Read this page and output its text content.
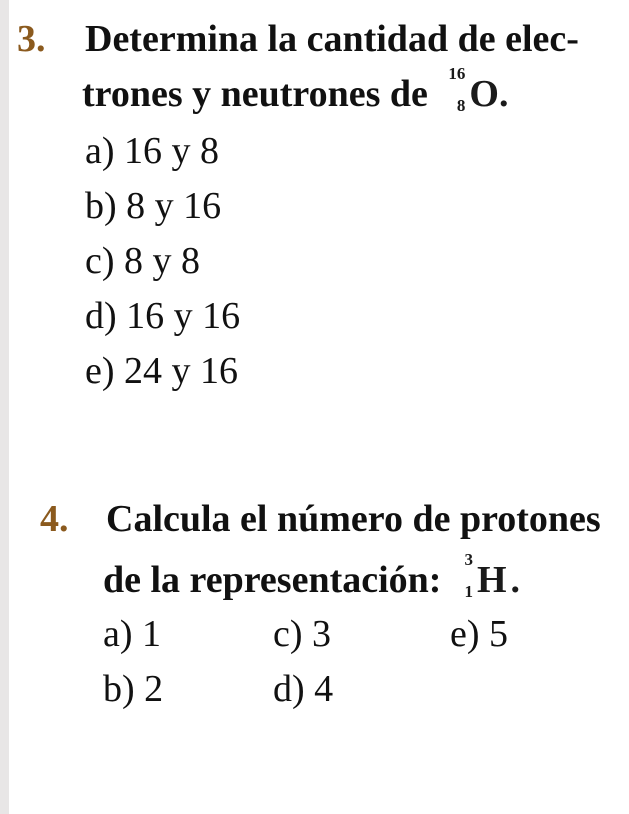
3. Determina la cantidad de elec-
trones y neutrones de 16
8 O.
a) 16 y 8
b) 8 y 16
c) 8 y 8
d) 16 y 16
e) 24 y 16
4. Calcula el número de protones
de la representación: 3
1 H .
a) 1	c) 3	e) 5
b) 2	d) 4
